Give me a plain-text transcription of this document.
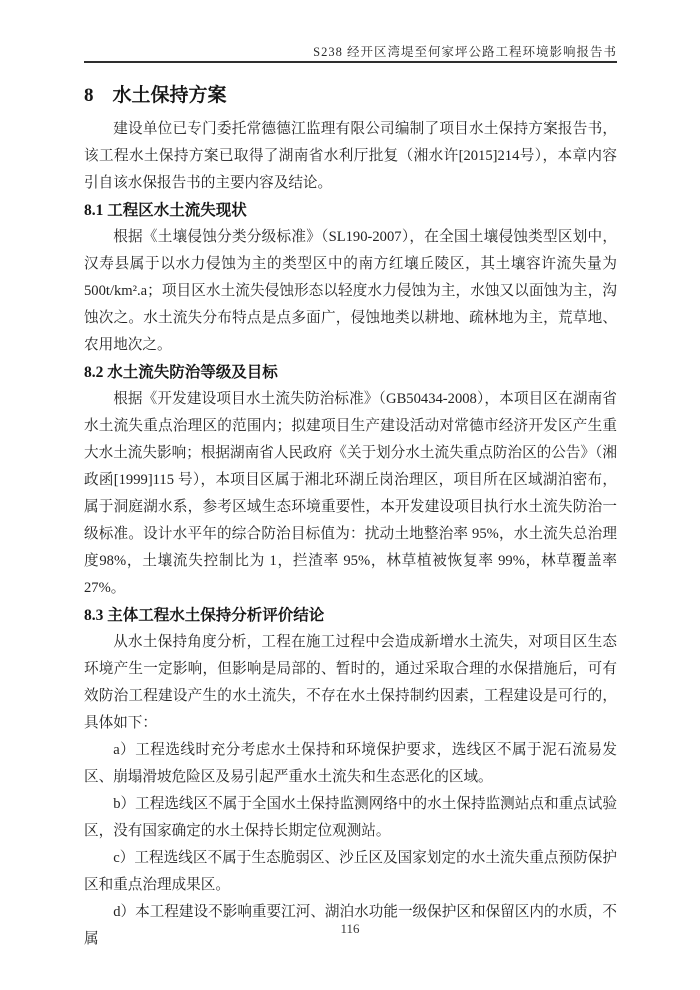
S238 经开区湾堤至何家坪公路工程环境影响报告书
8　水土保持方案

建设单位已专门委托常德德江监理有限公司编制了项目水土保持方案报告书，该工程水土保持方案已取得了湖南省水利厅批复（湘水许[2015]214号），本章内容引自该水保报告书的主要内容及结论。

8.1 工程区水土流失现状

根据《土壤侵蚀分类分级标准》（SL190-2007），在全国土壤侵蚀类型区划中，汉寿县属于以水力侵蚀为主的类型区中的南方红壤丘陵区，其土壤容许流失量为500t/km².a；项目区水土流失侵蚀形态以轻度水力侵蚀为主，水蚀又以面蚀为主，沟蚀次之。水土流失分布特点是点多面广，侵蚀地类以耕地、疏林地为主，荒草地、农用地次之。

8.2 水土流失防治等级及目标

根据《开发建设项目水土流失防治标准》（GB50434-2008），本项目区在湖南省水土流失重点治理区的范围内；拟建项目生产建设活动对常德市经济开发区产生重大水土流失影响；根据湖南省人民政府《关于划分水土流失重点防治区的公告》（湘政函[1999]115 号），本项目区属于湘北环湖丘岗治理区，项目所在区域湖泊密布，属于洞庭湖水系，参考区域生态环境重要性，本开发建设项目执行水土流失防治一级标准。设计水平年的综合防治目标值为：扰动土地整治率 95%，水土流失总治理度98%，土壤流失控制比为 1，拦渣率 95%，林草植被恢复率 99%，林草覆盖率 27%。

8.3 主体工程水土保持分析评价结论

从水土保持角度分析，工程在施工过程中会造成新增水土流失，对项目区生态环境产生一定影响，但影响是局部的、暂时的，通过采取合理的水保措施后，可有效防治工程建设产生的水土流失，不存在水土保持制约因素，工程建设是可行的，具体如下：

a）工程选线时充分考虑水土保持和环境保护要求，选线区不属于泥石流易发区、崩塌滑坡危险区及易引起严重水土流失和生态恶化的区域。

b）工程选线区不属于全国水土保持监测网络中的水土保持监测站点和重点试验区，没有国家确定的水土保持长期定位观测站。

c）工程选线区不属于生态脆弱区、沙丘区及国家划定的水土流失重点预防保护区和重点治理成果区。

d）本工程建设不影响重要江河、湖泊水功能一级保护区和保留区内的水质，不属

116
